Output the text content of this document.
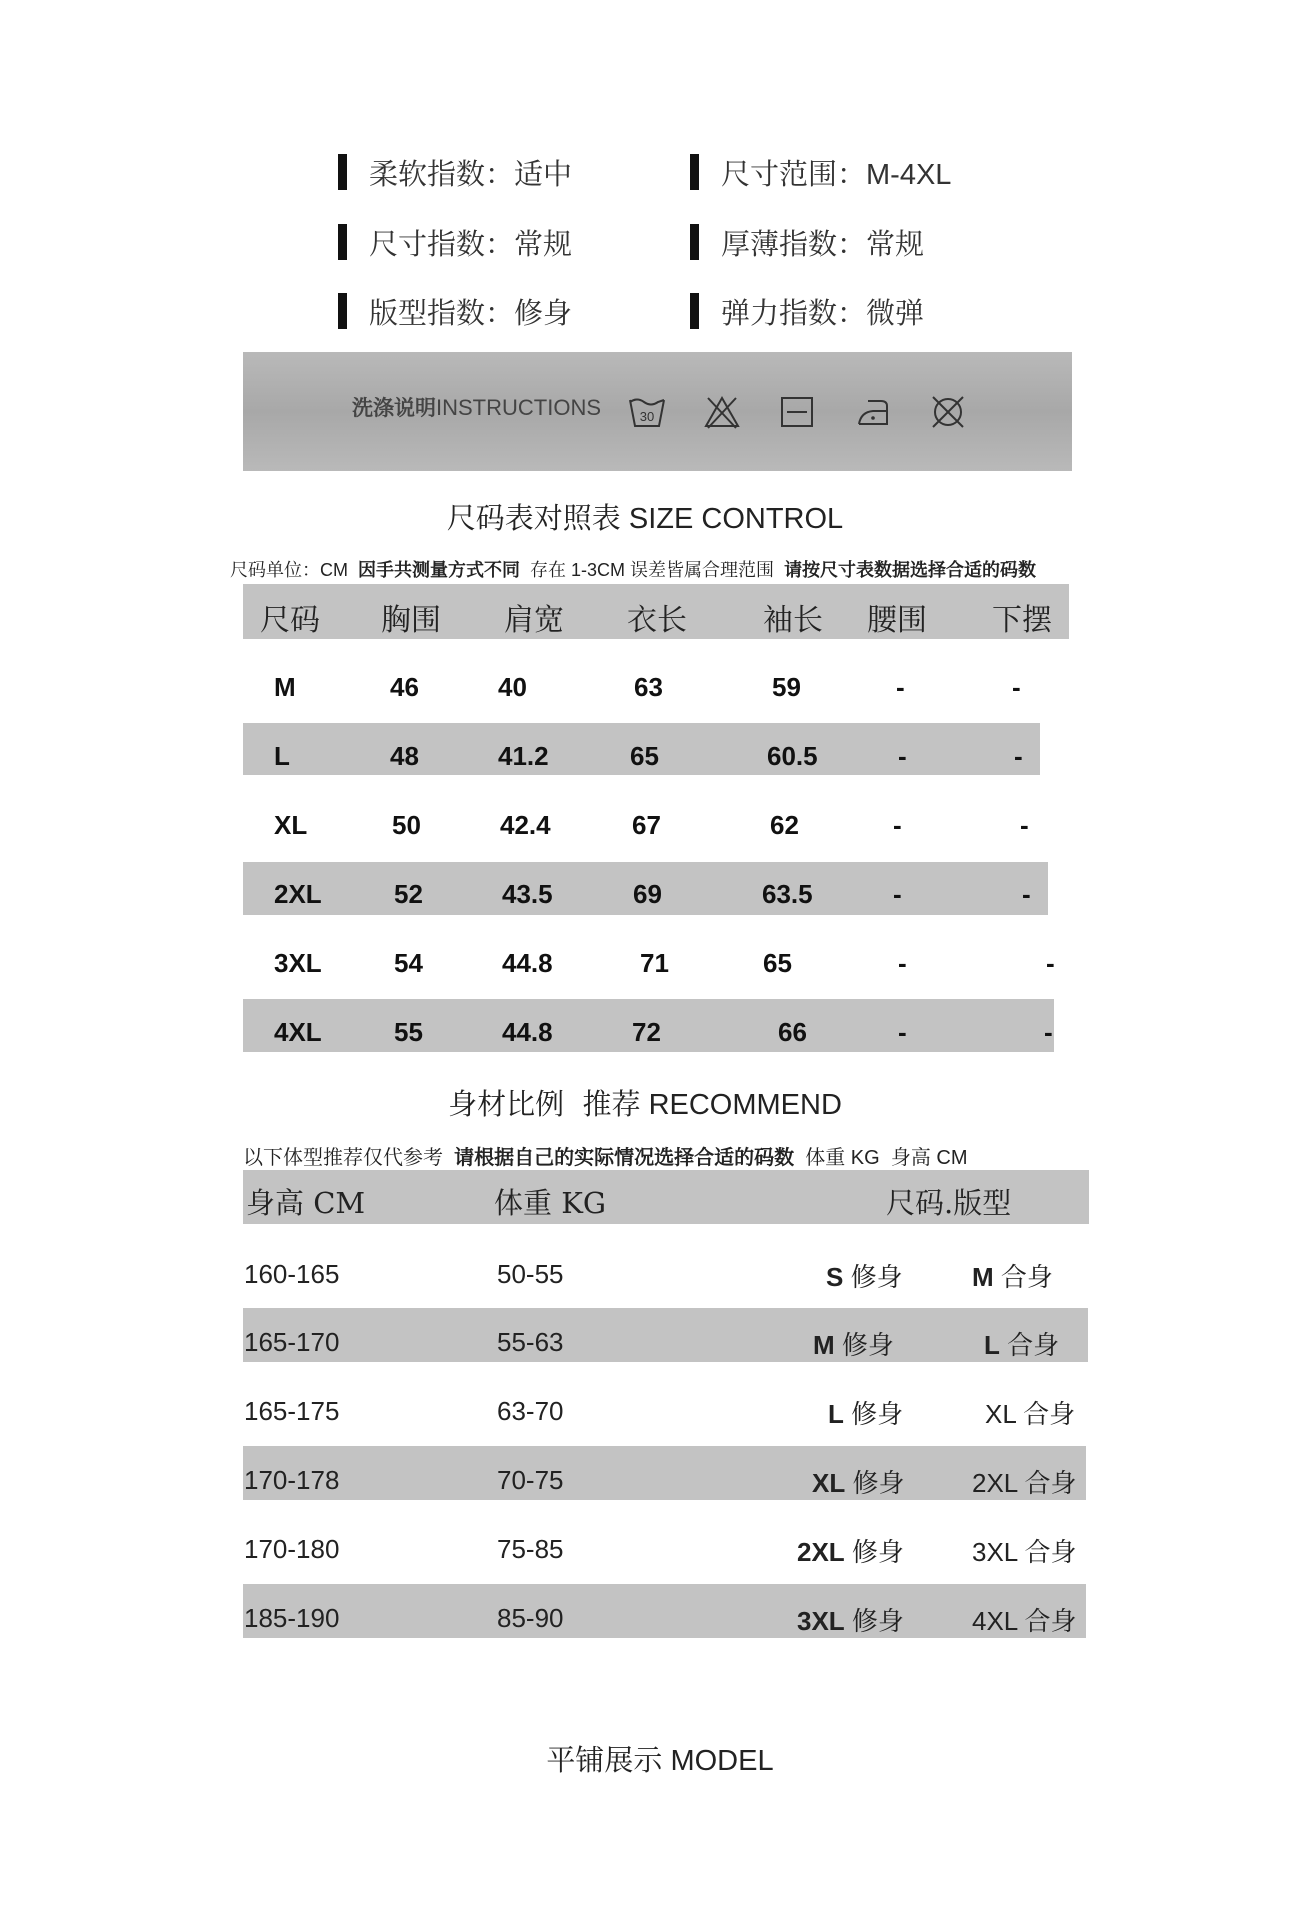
柔软指数：适中	尺寸范围：M-4XL
尺寸指数：常规	厚薄指数：常规
版型指数：修身	弹力指数：微弹
洗涤说明INSTRUCTIONS	30
尺码表对照表 SIZE CONTROL
尺码单位：CM 因手共测量方式不同 存在 1-3CM 误差皆属合理范围 请按尺寸表数据选择合适的码数
尺码 胸围 肩宽 衣长	袖长 腰围 下摆
M	46	40	63	59	-	-
L	48	41.2	65	60.5	-	-
XL	50	42.4	67	62	-	-
2XL	52	43.5	69	63.5	-	-
3XL	54	44.8	71	65	-	-
4XL	55	44.8	72	66	-	-
身材比例  推荐 RECOMMEND
以下体型推荐仅代参考 请根据自己的实际情况选择合适的码数 体重 KG  身高 CM
身高 CM	体重 KG	尺码.版型
160-165	50-55	S 修身	M 合身
165-170	55-63	M 修身	L 合身
165-175	63-70	L 修身	XL 合身
170-178	70-75	XL 修身	2XL 合身
170-180	75-85	2XL 修身	3XL 合身
185-190	85-90	3XL 修身	4XL 合身
平铺展示 MODEL
